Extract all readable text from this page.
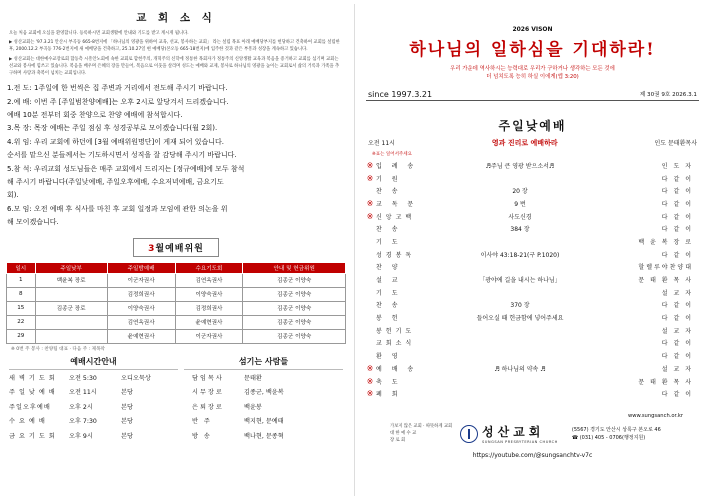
교 회 소 식

오늘 처음 교회에 오심을 환영합니다. 등록하시면 교회생활에 안내와 기도를 받고 계시게 됩니다.

▶ 성산교회는 '97.3.21 안산시 부곡동 665-8번지에 「하나님의 영광을 위하여 교육, 선교, 봉사하는 교회」 라는 설립 목표 아래 예배당부지를 헌당하고 건축하여 교회를 설립한 후, 2000.12.2 부곡동 776-2번지에 새 예배당을 건축하고, 25.10.27일 현 예배당(본오동 665-18번지)에 입주한 것과 같은 부흥과 성장을 계속하고 있습니다.

▶ 성산교회는 대한예수교장로회 합동측 시흥안노회에 속한 교회로 합헌주의, 개혁주의 신학에 정통한 목회자가 정통주의 신앙생활 교육과 복음을 증거하고 교회를 섬기며 교회는 선교와 봉사에 힘쓰고 있습니다. 복음을 배우며 은혜의 장을 만들어, 복음으로 이웃을 살리며 성도는 예배와 교제, 봉사로 하나님의 영광을 높이는 교회로서 삶의 거룩과 가족을 추구하며 사랑과 축복이 넘치는 교회입니다.

1.전 도: 1주일에 한 번씩은 집 주변과 거리에서 전도해 주시기 바랍니다.
2.예 배: 이번 주 [주일범찬양예배]는 오후 2시로 앞당겨서 드리겠습니다.
예배 10분 전부터 회중 찬양으로 찬양 예배에 참석합시다.
3.목 장: 목장 예배는 주일 점심 후 성경공부로 모이겠습니다(월 2회).
4.위 임: 우리 교회에 하던에 [3월 예배위원명단]이 게재 되어 있습니다.
순서를 맡으신 분들께서는 기도하시면서 성직을 잘 감당해 주시기 바랍니다.
5.참 석: 우리교회 성도님들은 매주 교회에서 드리지는 [정규예배]에 모두 참석
해 주시기 바랍니다(주일낮예배, 주일오후예배, 수요저녁예배, 금요기도
회).
6.모 임: 오전 예배 후 식사를 마친 후 교회 일정과 모임에 관한 의논을 위
해 모이겠습니다.
3월예배위원
일시	주일낮부	주일밤예배	수요기도회	안내 및 헌금위원
1	백윤복 장로	이군자권사	김연옥권사	김종군 이양숙
8		김정희권사	이양숙권사	김종군 이양숙
15	김종군 장로	이양숙권사	김정희권사	김종군 이양숙
22		김연옥권사	윤예현권사	김종군 이양숙
29		윤예현권사	이군자권사	김종군 이양숙
※ 0번 주 봉사 : 찬양팀 대표 · 다음 주 : 제목팍
예배시간안내
새 벽 기 도 회	오전 5:30	오디오묵상
주 일 낮 예 배	오전 11시	본당
주일오후예배	오후 2시	본당
수 요 예 배	오후 7:30	본당
금 요 기 도 회	오후 9시	본당
섬기는 사람들
담임목사	문태환
시무장로	김종군, 백윤복
은퇴장로	백윤봉
반 주	백지현, 문예태
방 송	백나현, 문종혁
2026 VISON
하나님의 일하심을 기대하라!
우리 가운데 역사하시는 능력대로 우리가 구하거나 생각하는 모든 것에
더 넘치도록 능히 하실 이에게(엡 3:20)
since 1997.3.21	제 30권 9호 2026.3.1
주일낮예배
오전 11시	영과 진리로 예배하라	인도 문태환목사
※표는 일어서주세요
※ 입 례 송	♬주님 큰 영광 받으소서♬	인 도 자
※ 기 원	다 같 이
찬 송	20 장	다 같 이
※ 교 독 문	9 번	다 같 이
※ 신앙고백	사도신경	다 같 이
찬 송	384 장	다 같 이
기 도	백 윤 복 장 로
성경봉독	이사야 43:18-21(구 P.1020)	다 같 이
찬 양	할렐루야찬양대
설 교	「광야에 길을 내시는 하나님」	문 태 환 목 사
기 도	설 교 자
찬 송	370 장	다 같 이
봉 헌	들어오실 때 헌금함에 넣어주세요	다 같 이
봉헌기도	설 교 자
교회소식	다 같 이
환 영	다 같 이
※ 예 배 송	♬ 하나님의 약속 ♬	설 교 자
※ 축 도	문 태 환 목 사
※ 폐 회	다 같 이
www.sungsanch.or.kr
가보지 않은 교회 · 따뜻하게 교회
대 한 예 수 교
장 로 회
성산교회
SUNGSAN PRESBYTERIAN CHURCH
(5567) 경기도 안산시 상록구 본오로 46
☎ (031) 405 - 0706(행정지원)
https://youtube.com/@sungsanchtv-v7c
